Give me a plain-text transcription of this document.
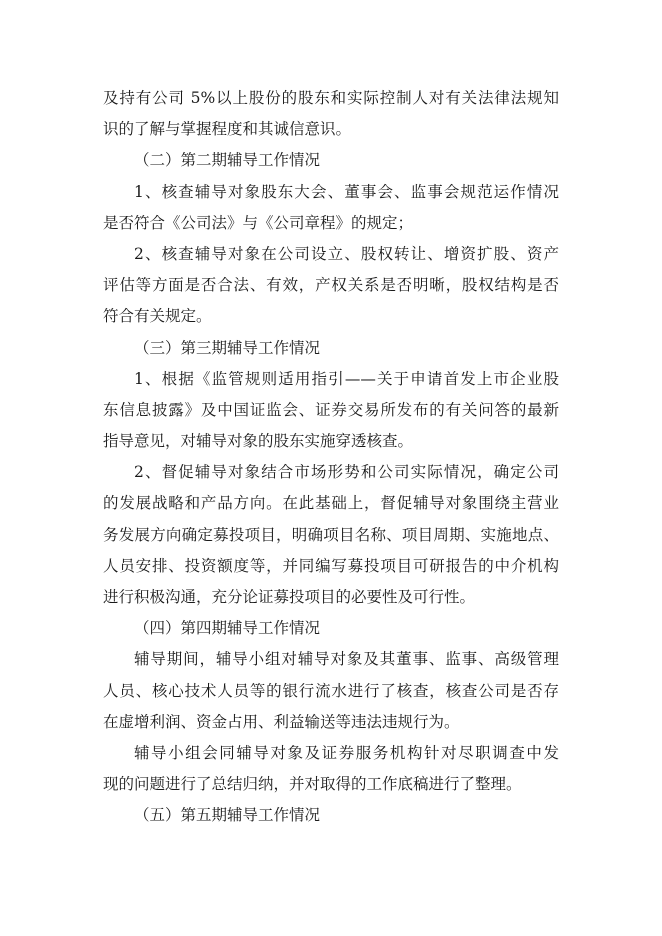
及持有公司 5%以上股份的股东和实际控制人对有关法律法规知
识的了解与掌握程度和其诚信意识。
（二）第二期辅导工作情况
1、核查辅导对象股东大会、董事会、监事会规范运作情况
是否符合《公司法》与《公司章程》的规定；
2、核查辅导对象在公司设立、股权转让、增资扩股、资产
评估等方面是否合法、有效，产权关系是否明晰，股权结构是否
符合有关规定。
（三）第三期辅导工作情况
1、根据《监管规则适用指引——关于申请首发上市企业股
东信息披露》及中国证监会、证券交易所发布的有关问答的最新
指导意见，对辅导对象的股东实施穿透核查。
2、督促辅导对象结合市场形势和公司实际情况，确定公司
的发展战略和产品方向。在此基础上，督促辅导对象围绕主营业
务发展方向确定募投项目，明确项目名称、项目周期、实施地点、
人员安排、投资额度等，并同编写募投项目可研报告的中介机构
进行积极沟通，充分论证募投项目的必要性及可行性。
（四）第四期辅导工作情况
辅导期间，辅导小组对辅导对象及其董事、监事、高级管理
人员、核心技术人员等的银行流水进行了核查，核查公司是否存
在虚增利润、资金占用、利益输送等违法违规行为。
辅导小组会同辅导对象及证券服务机构针对尽职调查中发
现的问题进行了总结归纳，并对取得的工作底稿进行了整理。
（五）第五期辅导工作情况
